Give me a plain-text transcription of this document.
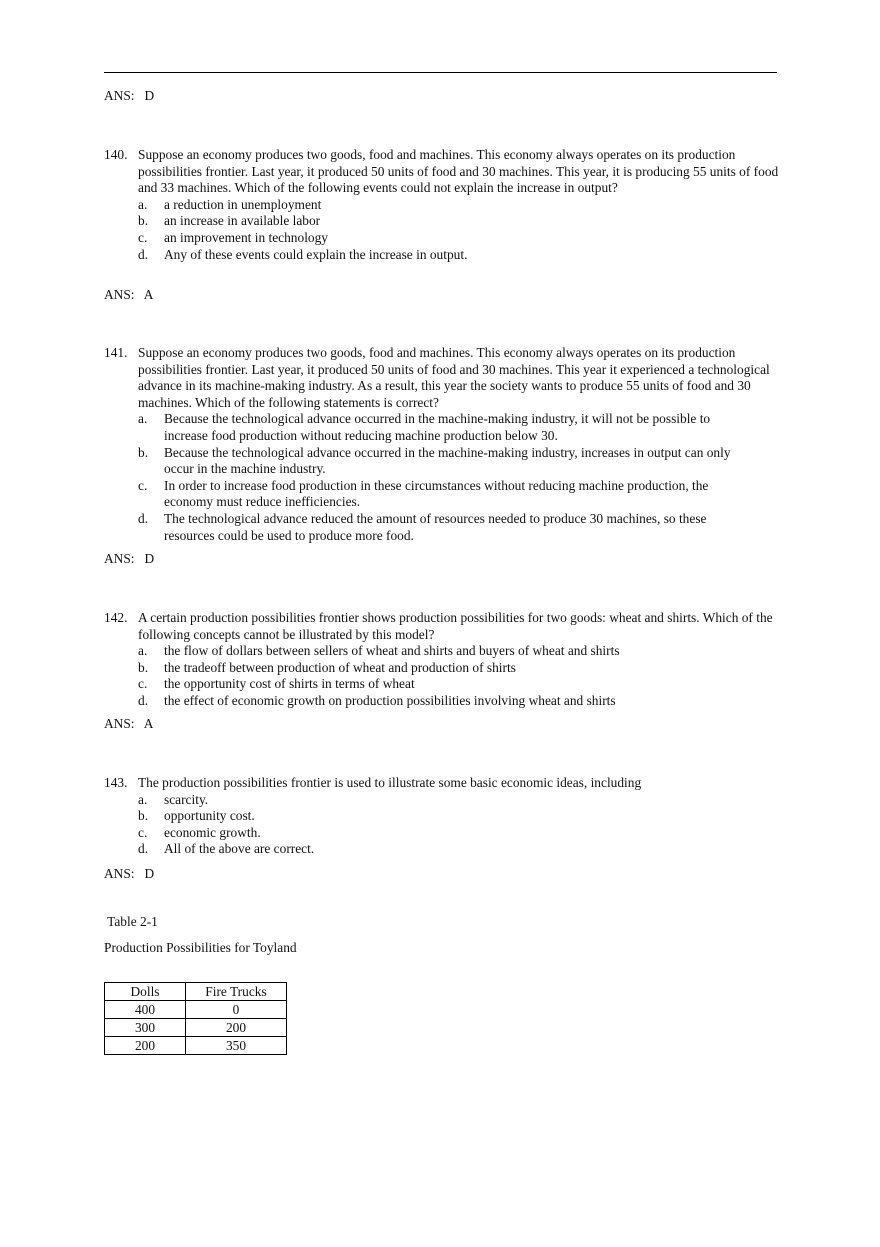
ANS:   D
140. Suppose an economy produces two goods, food and machines. This economy always operates on its production possibilities frontier. Last year, it produced 50 units of food and 30 machines. This year, it is producing 55 units of food and 33 machines. Which of the following events could not explain the increase in output?
a. a reduction in unemployment
b. an increase in available labor
c. an improvement in technology
d. Any of these events could explain the increase in output.
ANS:   A
141. Suppose an economy produces two goods, food and machines. This economy always operates on its production possibilities frontier. Last year, it produced 50 units of food and 30 machines. This year it experienced a technological advance in its machine-making industry. As a result, this year the society wants to produce 55 units of food and 30 machines. Which of the following statements is correct?
a. Because the technological advance occurred in the machine-making industry, it will not be possible to increase food production without reducing machine production below 30.
b. Because the technological advance occurred in the machine-making industry, increases in output can only occur in the machine industry.
c. In order to increase food production in these circumstances without reducing machine production, the economy must reduce inefficiencies.
d. The technological advance reduced the amount of resources needed to produce 30 machines, so these resources could be used to produce more food.
ANS:   D
142. A certain production possibilities frontier shows production possibilities for two goods: wheat and shirts. Which of the following concepts cannot be illustrated by this model?
a. the flow of dollars between sellers of wheat and shirts and buyers of wheat and shirts
b. the tradeoff between production of wheat and production of shirts
c. the opportunity cost of shirts in terms of wheat
d. the effect of economic growth on production possibilities involving wheat and shirts
ANS:   A
143. The production possibilities frontier is used to illustrate some basic economic ideas, including
a. scarcity.
b. opportunity cost.
c. economic growth.
d. All of the above are correct.
ANS:   D
Table 2-1
Production Possibilities for Toyland
Dolls	Fire Trucks
400	0
300	200
200	350
